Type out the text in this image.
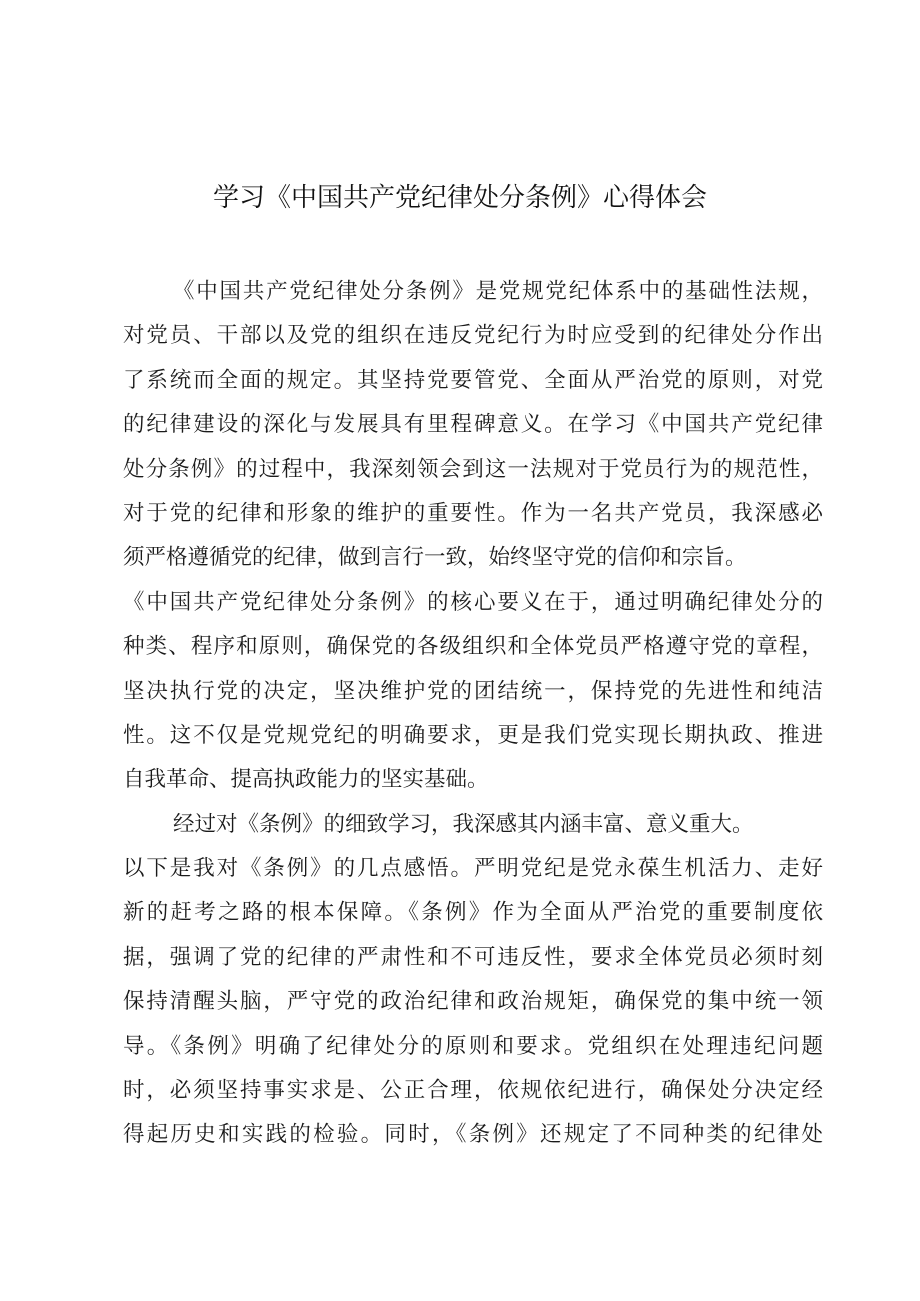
学习《中国共产党纪律处分条例》心得体会
《中国共产党纪律处分条例》是党规党纪体系中的基础性法规，
对党员、干部以及党的组织在违反党纪行为时应受到的纪律处分作出
了系统而全面的规定。其坚持党要管党、全面从严治党的原则，对党
的纪律建设的深化与发展具有里程碑意义。在学习《中国共产党纪律
处分条例》的过程中，我深刻领会到这一法规对于党员行为的规范性，
对于党的纪律和形象的维护的重要性。作为一名共产党员，我深感必
须严格遵循党的纪律，做到言行一致，始终坚守党的信仰和宗旨。
《中国共产党纪律处分条例》的核心要义在于，通过明确纪律处分的
种类、程序和原则，确保党的各级组织和全体党员严格遵守党的章程，
坚决执行党的决定，坚决维护党的团结统一，保持党的先进性和纯洁
性。这不仅是党规党纪的明确要求，更是我们党实现长期执政、推进
自我革命、提高执政能力的坚实基础。
经过对《条例》的细致学习，我深感其内涵丰富、意义重大。
以下是我对《条例》的几点感悟。严明党纪是党永葆生机活力、走好
新的赶考之路的根本保障。《条例》作为全面从严治党的重要制度依
据，强调了党的纪律的严肃性和不可违反性，要求全体党员必须时刻
保持清醒头脑，严守党的政治纪律和政治规矩，确保党的集中统一领
导。《条例》明确了纪律处分的原则和要求。党组织在处理违纪问题
时，必须坚持事实求是、公正合理，依规依纪进行，确保处分决定经
得起历史和实践的检验。同时，《条例》还规定了不同种类的纪律处
